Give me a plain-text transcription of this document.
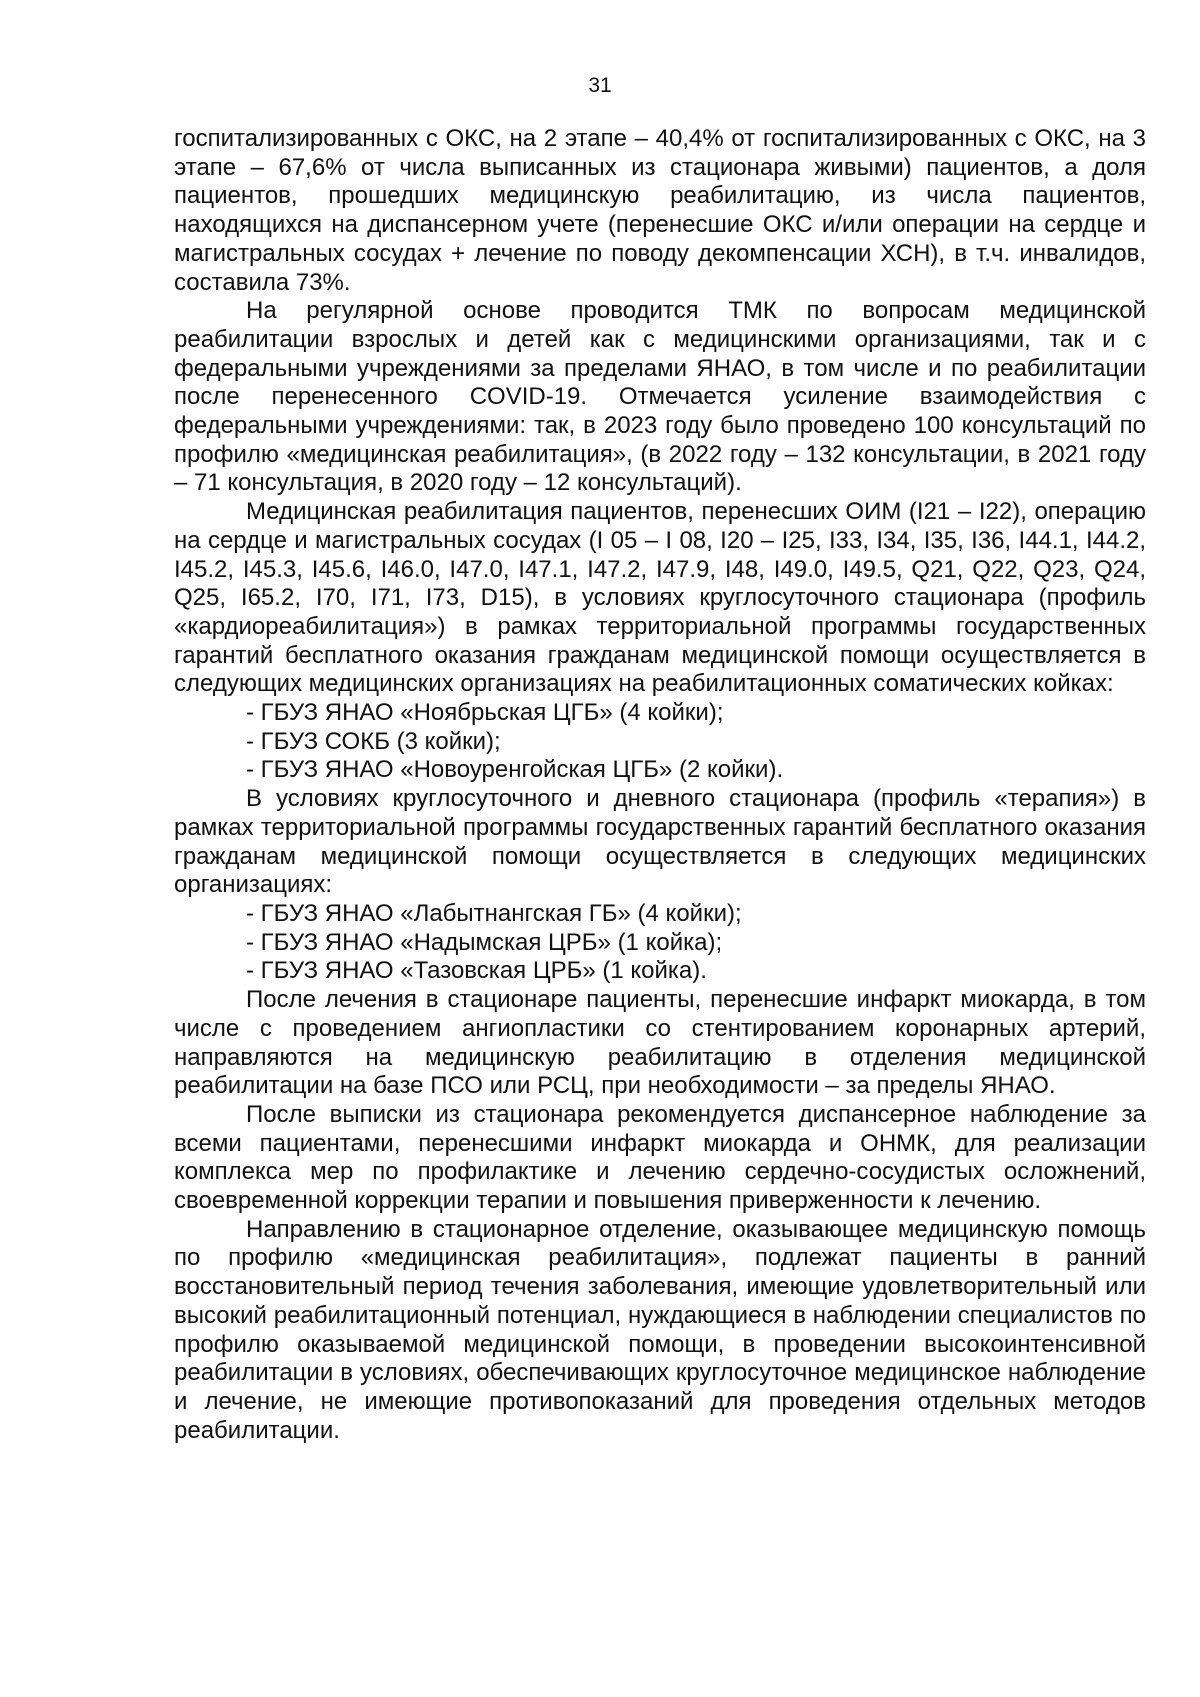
31

госпитализированных с ОКС, на 2 этапе – 40,4% от госпитализированных с ОКС, на 3 этапе – 67,6% от числа выписанных из стационара живыми) пациентов, а доля пациентов, прошедших медицинскую реабилитацию, из числа пациентов, находящихся на диспансерном учете (перенесшие ОКС и/или операции на сердце и магистральных сосудах + лечение по поводу декомпенсации ХСН), в т.ч. инвалидов, составила 73%.

На регулярной основе проводится ТМК по вопросам медицинской реабилитации взрослых и детей как с медицинскими организациями, так и с федеральными учреждениями за пределами ЯНАО, в том числе и по реабилитации после перенесенного COVID-19. Отмечается усиление взаимодействия с федеральными учреждениями: так, в 2023 году было проведено 100 консультаций по профилю «медицинская реабилитация», (в 2022 году – 132 консультации, в 2021 году – 71 консультация, в 2020 году – 12 консультаций).

Медицинская реабилитация пациентов, перенесших ОИМ (I21 – I22), операцию на сердце и магистральных сосудах (I 05 – I 08, I20 – I25, I33, I34, I35, I36, I44.1, I44.2, I45.2, I45.3, I45.6, I46.0, I47.0, I47.1, I47.2, I47.9, I48, I49.0, I49.5, Q21, Q22, Q23, Q24, Q25, I65.2, I70, I71, I73, D15), в условиях круглосуточного стационара (профиль «кардиореабилитация») в рамках территориальной программы государственных гарантий бесплатного оказания гражданам медицинской помощи осуществляется в следующих медицинских организациях на реабилитационных соматических койках:

- ГБУЗ ЯНАО «Ноябрьская ЦГБ» (4 койки);
- ГБУЗ СОКБ (3 койки);
- ГБУЗ ЯНАО «Новоуренгойская ЦГБ» (2 койки).

В условиях круглосуточного и дневного стационара (профиль «терапия») в рамках территориальной программы государственных гарантий бесплатного оказания гражданам медицинской помощи осуществляется в следующих медицинских организациях:

- ГБУЗ ЯНАО «Лабытнангская ГБ» (4 койки);
- ГБУЗ ЯНАО «Надымская ЦРБ» (1 койка);
- ГБУЗ ЯНАО «Тазовская ЦРБ» (1 койка).

После лечения в стационаре пациенты, перенесшие инфаркт миокарда, в том числе с проведением ангиопластики со стентированием коронарных артерий, направляются на медицинскую реабилитацию в отделения медицинской реабилитации на базе ПСО или РСЦ, при необходимости – за пределы ЯНАО.

После выписки из стационара рекомендуется диспансерное наблюдение за всеми пациентами, перенесшими инфаркт миокарда и ОНМК, для реализации комплекса мер по профилактике и лечению сердечно-сосудистых осложнений, своевременной коррекции терапии и повышения приверженности к лечению.

Направлению в стационарное отделение, оказывающее медицинскую помощь по профилю «медицинская реабилитация», подлежат пациенты в ранний восстановительный период течения заболевания, имеющие удовлетворительный или высокий реабилитационный потенциал, нуждающиеся в наблюдении специалистов по профилю оказываемой медицинской помощи, в проведении высокоинтенсивной реабилитации в условиях, обеспечивающих круглосуточное медицинское наблюдение и лечение, не имеющие противопоказаний для проведения отдельных методов реабилитации.
